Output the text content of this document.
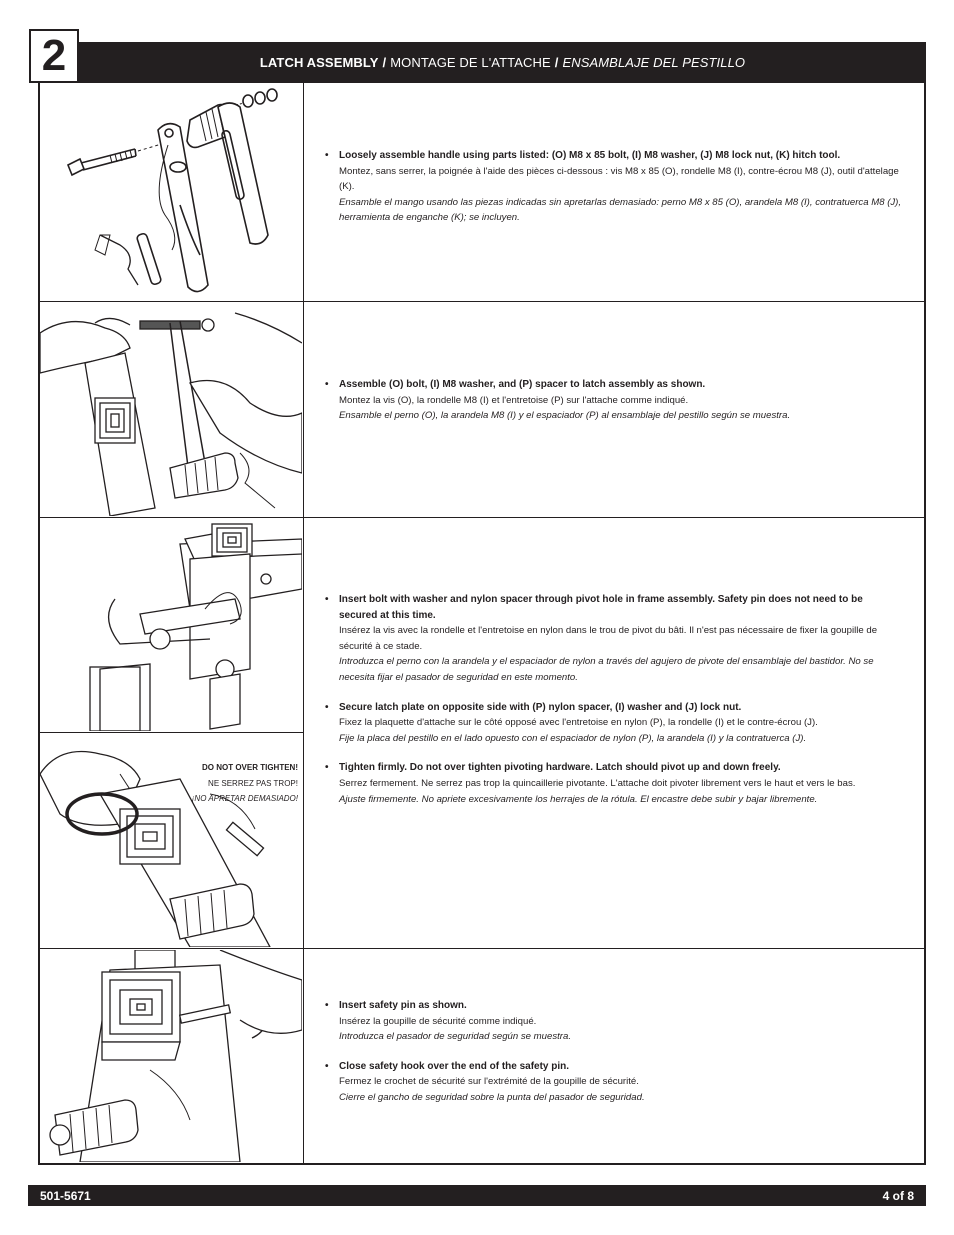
2	LATCH ASSEMBLY / MONTAGE DE L'ATTACHE / ENSAMBLAJE DEL PESTILLO
DO NOT OVER TIGHTEN!
NE SERREZ PAS TROP!
¡NO APRETAR DEMASIADO!
• Loosely assemble handle using parts listed: (O) M8 x 85 bolt, (I) M8 washer, (J) M8 lock nut, (K) hitch tool.
Montez, sans serrer, la poignée à l'aide des pièces ci-dessous : vis M8 x 85 (O), rondelle M8 (I), contre-écrou M8 (J), outil d'attelage (K).
Ensamble el mango usando las piezas indicadas sin apretarlas demasiado: perno M8 x 85 (O), arandela M8 (I), contratuerca M8 (J), herramienta de enganche (K); se incluyen.
• Assemble (O) bolt, (I) M8 washer, and (P) spacer to latch assembly as shown.
Montez la vis (O), la rondelle M8 (I) et l'entretoise (P) sur l'attache comme indiqué.
Ensamble el perno (O), la arandela M8 (I) y el espaciador (P) al ensamblaje del pestillo según se muestra.
• Insert bolt with washer and nylon spacer through pivot hole in frame assembly. Safety pin does not need to be secured at this time.
Insérez la vis avec la rondelle et l'entretoise en nylon dans le trou de pivot du bâti. Il n'est pas nécessaire de fixer la goupille de sécurité à ce stade.
Introduzca el perno con la arandela y el espaciador de nylon a través del agujero de pivote del ensamblaje del bastidor. No se necesita fijar el pasador de seguridad en este momento.
• Secure latch plate on opposite side with (P) nylon spacer, (I) washer and (J) lock nut.
Fixez la plaquette d'attache sur le côté opposé avec l'entretoise en nylon (P), la rondelle (I) et le contre-écrou (J).
Fije la placa del pestillo en el lado opuesto con el espaciador de nylon (P), la arandela (I) y la contratuerca (J).
• Tighten firmly. Do not over tighten pivoting hardware. Latch should pivot up and down freely.
Serrez fermement. Ne serrez pas trop la quincaillerie pivotante. L'attache doit pivoter librement vers le haut et vers le bas.
Ajuste firmemente. No apriete excesivamente los herrajes de la rótula. El encastre debe subir y bajar libremente.
• Insert safety pin as shown.
Insérez la goupille de sécurité comme indiqué.
Introduzca el pasador de seguridad según se muestra.
• Close safety hook over the end of the safety pin.
Fermez le crochet de sécurité sur l'extrémité de la goupille de sécurité.
Cierre el gancho de seguridad sobre la punta del pasador de seguridad.
501-5671	4 of 8
